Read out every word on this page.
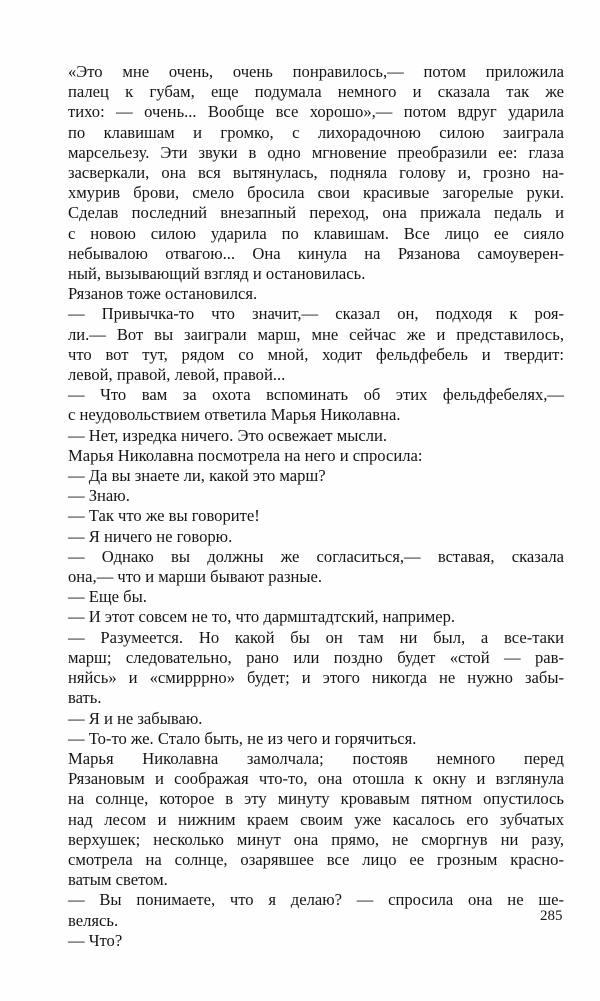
«Это мне очень, очень понравилось,— потом приложила
палец к губам, еще подумала немного и сказала так же
тихо: — очень... Вообще все хорошо»,— потом вдруг ударила
по клавишам и громко, с лихорадочною силою заиграла
марсельезу. Эти звуки в одно мгновение преобразили ее: глаза
засверкали, она вся вытянулась, подняла голову и, грозно на-
хмурив брови, смело бросила свои красивые загорелые руки.
Сделав последний внезапный переход, она прижала педаль и
с новою силою ударила по клавишам. Все лицо ее сияло
небывалою отвагою... Она кинула на Рязанова самоуверен-
ный, вызывающий взгляд и остановилась.
Рязанов тоже остановился.
— Привычка-то что значит,— сказал он, подходя к роя-
ли.— Вот вы заиграли марш, мне сейчас же и представилось,
что вот тут, рядом со мной, ходит фельдфебель и твердит:
левой, правой, левой, правой...
— Что вам за охота вспоминать об этих фельдфебелях,—
с неудовольствием ответила Марья Николавна.
— Нет, изредка ничего. Это освежает мысли.
Марья Николавна посмотрела на него и спросила:
— Да вы знаете ли, какой это марш?
— Знаю.
— Так что же вы говорите!
— Я ничего не говорю.
— Однако вы должны же согласиться,— вставая, сказала
она,— что и марши бывают разные.
— Еще бы.
— И этот совсем не то, что дармштадтский, например.
— Разумеется. Но какой бы он там ни был, а все-таки
марш; следовательно, рано или поздно будет «стой — рав-
няйсь» и «смирррно» будет; и этого никогда не нужно забы-
вать.
— Я и не забываю.
— То-то же. Стало быть, не из чего и горячиться.
Марья Николавна замолчала; постояв немного перед
Рязановым и соображая что-то, она отошла к окну и взглянула
на солнце, которое в эту минуту кровавым пятном опустилось
над лесом и нижним краем своим уже касалось его зубчатых
верхушек; несколько минут она прямо, не сморгнув ни разу,
смотрела на солнце, озарявшее все лицо ее грозным красно-
ватым светом.
— Вы понимаете, что я делаю? — спросила она не ше-
велясь.
— Что?
285
